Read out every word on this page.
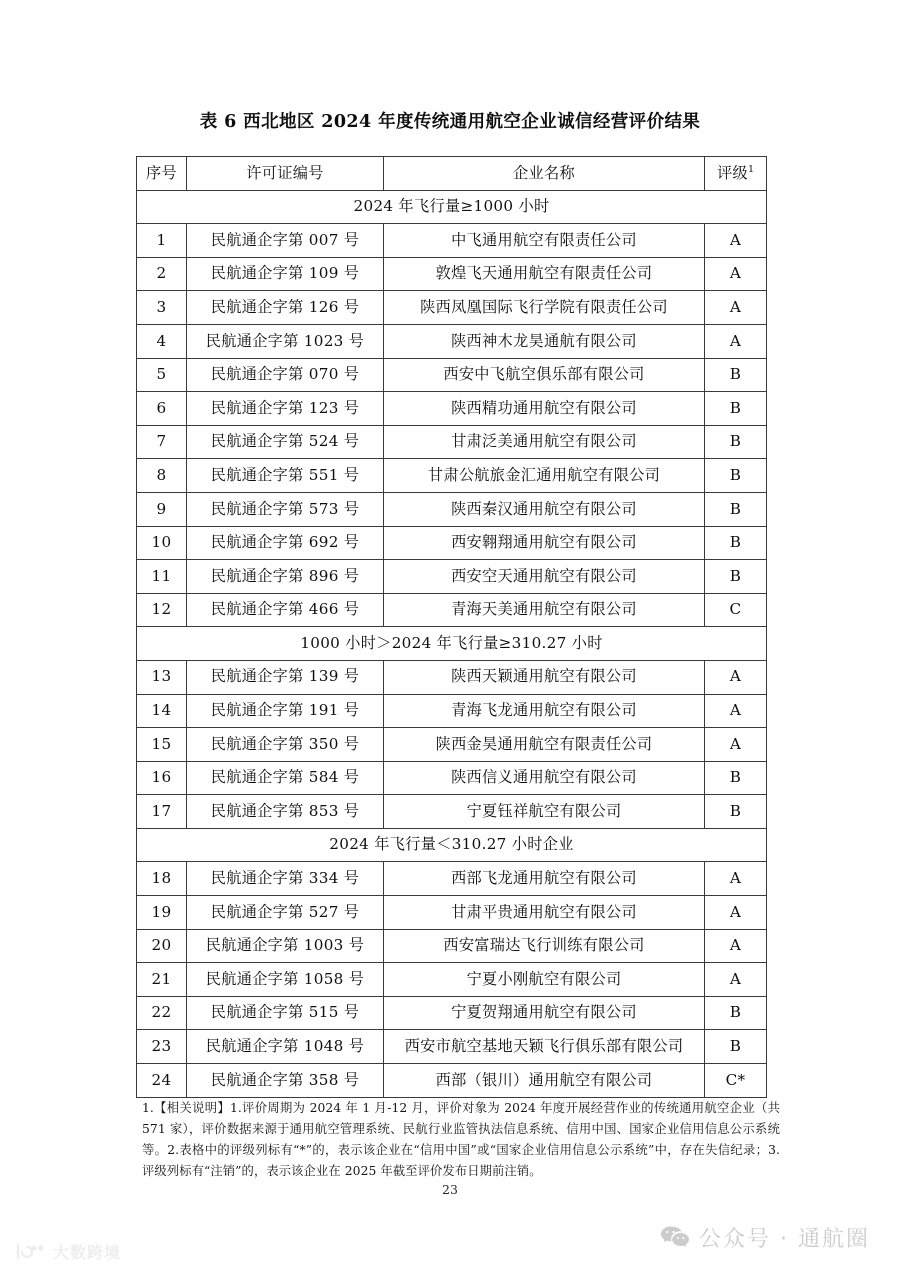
表 6 西北地区 2024 年度传统通用航空企业诚信经营评价结果
序号	许可证编号	企业名称	评级$^1$
2024 年飞行量≥1000 小时			
1	民航通企字第 007 号	中飞通用航空有限责任公司	A
2	民航通企字第 109 号	敦煌飞天通用航空有限责任公司	A
3	民航通企字第 126 号	陕西凤凰国际飞行学院有限责任公司	A
4	民航通企字第 1023 号	陕西神木龙昊通航有限公司	A
5	民航通企字第 070 号	西安中飞航空俱乐部有限公司	B
6	民航通企字第 123 号	陕西精功通用航空有限公司	B
7	民航通企字第 524 号	甘肃泛美通用航空有限公司	B
8	民航通企字第 551 号	甘肃公航旅金汇通用航空有限公司	B
9	民航通企字第 573 号	陕西秦汉通用航空有限公司	B
10	民航通企字第 692 号	西安翱翔通用航空有限公司	B
11	民航通企字第 896 号	西安空天通用航空有限公司	B
12	民航通企字第 466 号	青海天美通用航空有限公司	C
1000 小时＞2024 年飞行量≥310.27 小时			
13	民航通企字第 139 号	陕西天颖通用航空有限公司	A
14	民航通企字第 191 号	青海飞龙通用航空有限公司	A
15	民航通企字第 350 号	陕西金昊通用航空有限责任公司	A
16	民航通企字第 584 号	陕西信义通用航空有限公司	B
17	民航通企字第 853 号	宁夏钰祥航空有限公司	B
2024 年飞行量＜310.27 小时企业			
18	民航通企字第 334 号	西部飞龙通用航空有限公司	A
19	民航通企字第 527 号	甘肃平贵通用航空有限公司	A
20	民航通企字第 1003 号	西安富瑞达飞行训练有限公司	A
21	民航通企字第 1058 号	宁夏小刚航空有限公司	A
22	民航通企字第 515 号	宁夏贺翔通用航空有限公司	B
23	民航通企字第 1048 号	西安市航空基地天颖飞行俱乐部有限公司	B
24	民航通企字第 358 号	西部（银川）通用航空有限公司	C*
1.【相关说明】1.评价周期为 2024 年 1 月-12 月，评价对象为 2024 年度开展经营作业的传统通用航空企业（共 571 家），评价数据来源于通用航空管理系统、民航行业监管执法信息系统、信用中国、国家企业信用信息公示系统等。2.表格中的评级列标有“*”的，表示该企业在“信用中国”或“国家企业信用信息公示系统”中，存在失信纪录；3.评级列标有“注销”的，表示该企业在 2025 年截至评价发布日期前注销。
23
大数跨境
公众号 · 通航圈
